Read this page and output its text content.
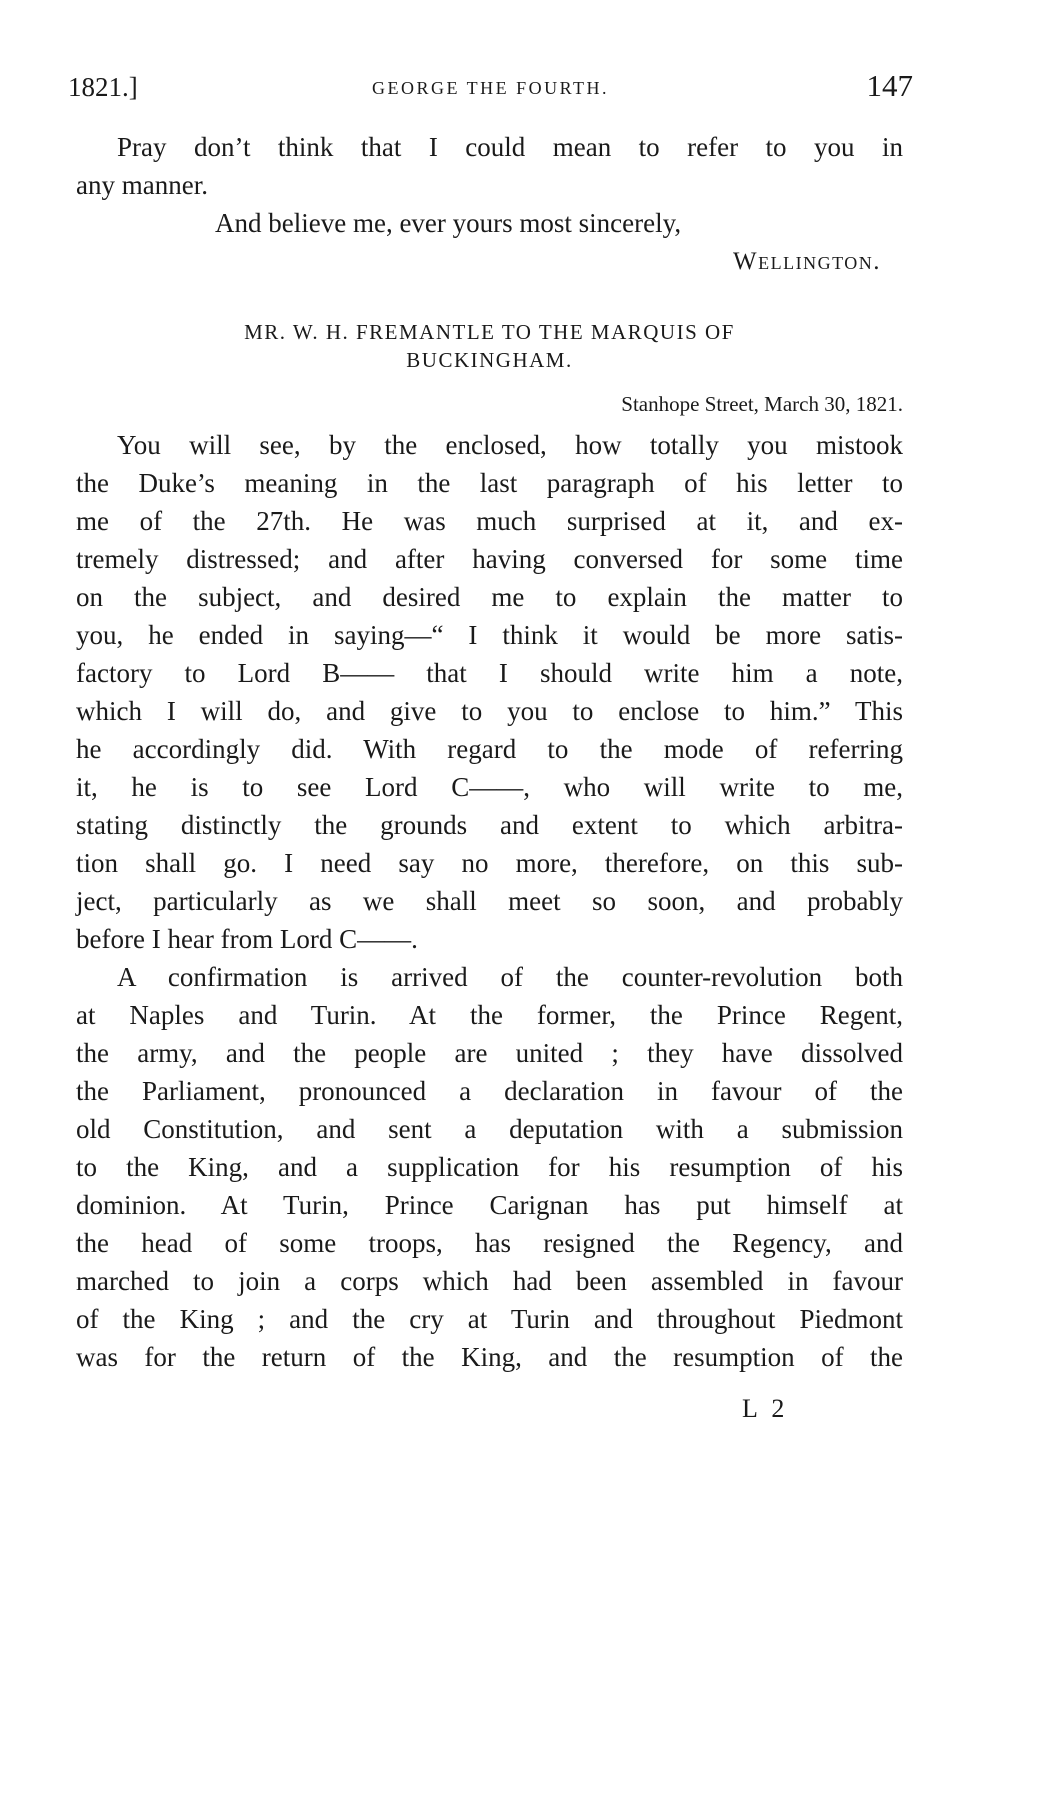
1821.]	GEORGE THE FOURTH.	147
Pray don’t think that I could mean to refer to you in
any manner.
And believe me, ever yours most sincerely,
Wellington.
MR. W. H. FREMANTLE TO THE MARQUIS OF
BUCKINGHAM.
Stanhope Street, March 30, 1821.
You will see, by the enclosed, how totally you mistook
the Duke’s meaning in the last paragraph of his letter to
me of the 27th. He was much surprised at it, and ex-
tremely distressed; and after having conversed for some time
on the subject, and desired me to explain the matter to
you, he ended in saying—“ I think it would be more satis-
factory to Lord B—— that I should write him a note,
which I will do, and give to you to enclose to him.” This
he accordingly did. With regard to the mode of referring
it, he is to see Lord C——, who will write to me,
stating distinctly the grounds and extent to which arbitra-
tion shall go. I need say no more, therefore, on this sub-
ject, particularly as we shall meet so soon, and probably
before I hear from Lord C——.
A confirmation is arrived of the counter-revolution both
at Naples and Turin. At the former, the Prince Regent,
the army, and the people are united ; they have dissolved
the Parliament, pronounced a declaration in favour of the
old Constitution, and sent a deputation with a submission
to the King, and a supplication for his resumption of his
dominion. At Turin, Prince Carignan has put himself at
the head of some troops, has resigned the Regency, and
marched to join a corps which had been assembled in favour
of the King ; and the cry at Turin and throughout Piedmont
was for the return of the King, and the resumption of the
L 2
